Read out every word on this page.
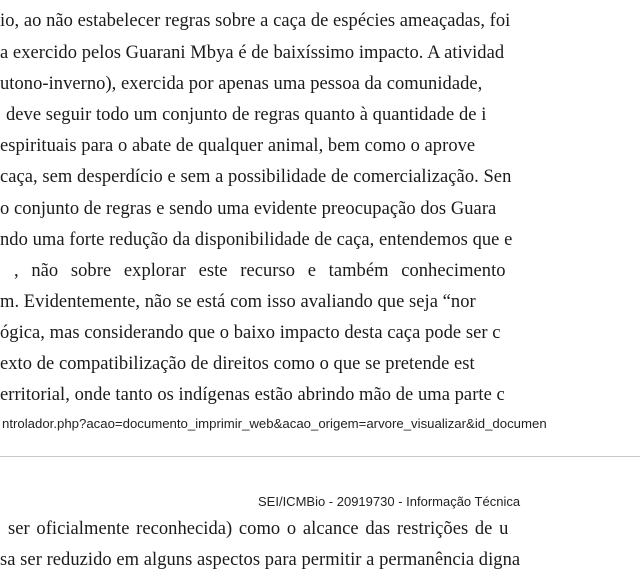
io, ao não estabelecer regras sobre a caça de espécies ameaçadas, foi
a exercido pelos Guarani Mbya é de baixíssimo impacto. A atividad
utono-inverno), exercida por apenas uma pessoa da comunidade,
deve seguir todo um conjunto de regras quanto à quantidade de i
espirituais para o abate de qualquer animal, bem como o aprove
caça, sem desperdício e sem a possibilidade de comercialização. Sen
o conjunto de regras e sendo uma evidente preocupação dos Guara
ndo uma forte redução da disponibilidade de caça, entendemos que e
, não sobre explorar este recurso e também conhecimento
m. Evidentemente, não se está com isso avaliando que seja “nor
ógica, mas considerando que o baixo impacto desta caça pode ser c
exto de compatibilização de direitos como o que se pretende est
erritorial, onde tanto os indígenas estão abrindo mão de uma parte c
ntrolador.php?acao=documento_imprimir_web&acao_origem=arvore_visualizar&id_documen
SEI/ICMBio - 20919730 - Informação Técnica
ser oficialmente reconhecida) como o alcance das restrições de u
sa ser reduzido em alguns aspectos para permitir a permanência digna
